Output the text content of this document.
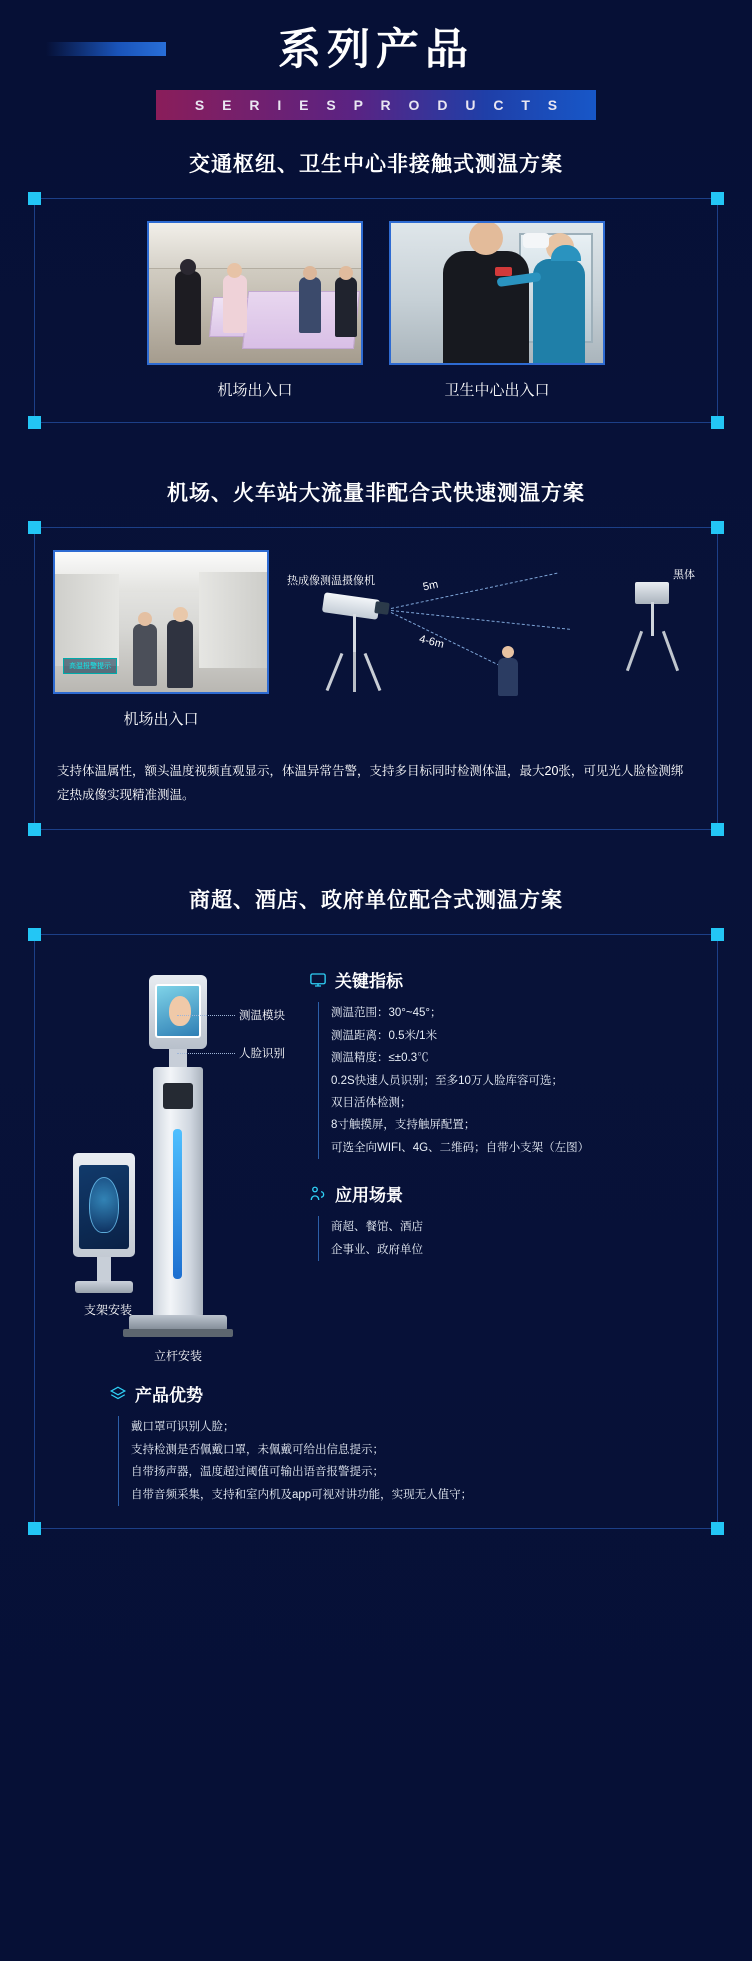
系列产品
S E R I E S P R O D U C T S
交通枢纽、卫生中心非接触式测温方案
机场出入口	卫生中心出入口
机场、火车站大流量非配合式快速测温方案
高温报警提示
机场出入口
热成像测温摄像机	黑体
5m
4-6m
支持体温属性，额头温度视频直观显示，体温异常告警，支持多目标同时检测体温，最大20张，可见光人脸检测绑定热成像实现精准测温。
商超、酒店、政府单位配合式测温方案
立杆安装
支架安装
测温模块
人脸识别
关键指标
测温范围：30°~45°；
测温距离：0.5米/1米
测温精度：≤±0.3℃
0.2S快速人员识别；至多10万人脸库容可选；
双目活体检测；
8寸触摸屏，支持触屏配置；
可选全向WIFI、4G、二维码；自带小支架（左图）
应用场景
商超、餐馆、酒店
企事业、政府单位
产品优势
戴口罩可识别人脸；
支持检测是否佩戴口罩，未佩戴可给出信息提示；
自带扬声器，温度超过阈值可输出语音报警提示；
自带音频采集，支持和室内机及app可视对讲功能，实现无人值守；
